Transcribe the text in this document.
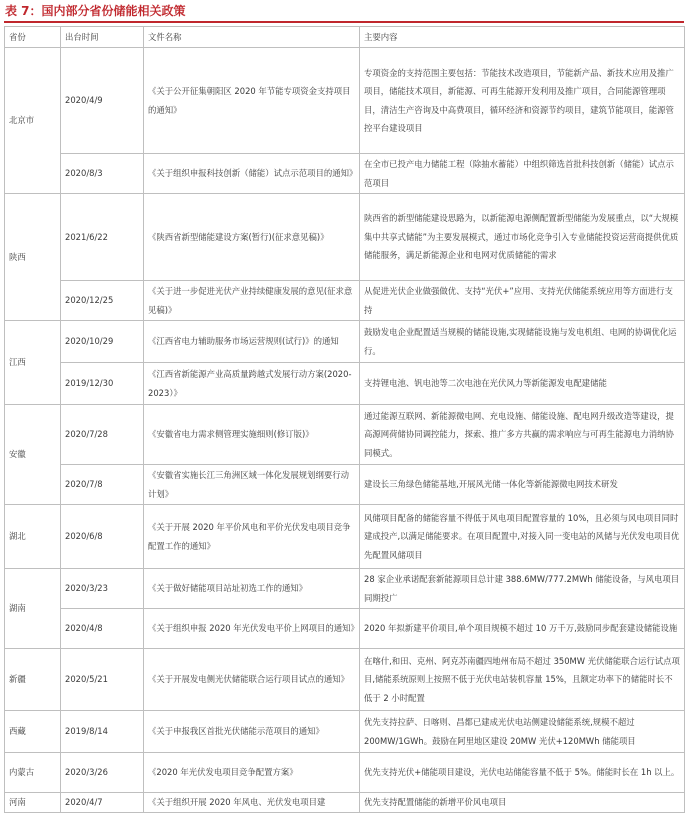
表 7：国内部分省份储能相关政策
省份	出台时间	文件名称	主要内容
北京市	2020/4/9	《关于公开征集朝阳区 2020 年节能专项资金支持项目的通知》	专项资金的支持范围主要包括：节能技术改造项目，节能新产品、新技术应用及推广项目，储能技术项目，新能源、可再生能源开发利用及推广项目，合同能源管理项目，清洁生产咨询及中高费项目，循环经济和资源节约项目，建筑节能项目，能源管控平台建设项目
	2020/8/3	《关于组织申报科技创新（储能）试点示范项目的通知》	在全市已投产电力储能工程（除抽水蓄能）中组织筛选首批科技创新（储能）试点示范项目
陕西	2021/6/22	《陕西省新型储能建设方案(暂行)(征求意见稿)》	陕西省的新型储能建设思路为，以新能源电源侧配置新型储能为发展重点，以“大规模集中共享式储能”为主要发展模式，通过市场化竞争引入专业储能投资运营商提供优质储能服务，满足新能源企业和电网对优质储能的需求
	2020/12/25	《关于进一步促进光伏产业持续健康发展的意见(征求意见稿)》	从促进光伏企业做强做优、支持“光伏+”应用、支持光伏储能系统应用等方面进行支持
江西	2020/10/29	《江西省电力辅助服务市场运营规则(试行)》的通知	鼓励发电企业配置适当规模的储能设施,实现储能设施与发电机组、电网的协调优化运行。
	2019/12/30	《江西省新能源产业高质量跨越式发展行动方案(2020-2023）》	支持锂电池、钒电池等二次电池在光伏风力等新能源发电配建储能
安徽	2020/7/28	《安徽省电力需求侧管理实施细则(修订版)》	通过能源互联网、新能源微电网、充电设施、储能设施、配电网升级改造等建设，提高源网荷储协同调控能力，探索、推广多方共赢的需求响应与可再生能源电力消纳协同模式。
	2020/7/8	《安徽省实施长江三角洲区域一体化发展规划纲要行动计划》	建设长三角绿色储能基地,开展风光储一体化等新能源微电网技术研发
湖北	2020/6/8	《关于开展 2020 年平价风电和平价光伏发电项目竞争配置工作的通知》	风储项目配备的储能容量不得低于风电项目配置容量的 10%，且必须与风电项目同时建成投产,以满足储能要求。在项目配置中,对接入同一变电站的风储与光伏发电项目优先配置风储项目
湖南	2020/3/23	《关于做好储能项目站址初选工作的通知》	28 家企业承诺配套新能源项目总计建 388.6MW/777.2MWh 储能设备，与风电项目同期投广
	2020/4/8	《关于组织申报 2020 年光伏发电平价上网项目的通知》	2020 年拟新建平价项目,单个项目规模不超过 10 万千万,鼓励同步配套建设储能设施
新疆	2020/5/21	《关于开展发电侧光伏储能联合运行项目试点的通知》	在喀什,和田、克州、阿克苏南疆四地州布局不超过 350MW 光伏储能联合运行试点项目,储能系统原则上按照不低于光伏电站装机容量 15%，且额定功率下的储能时长不低于 2 小时配置
西藏	2019/8/14	《关于申报我区首批光伏储能示范项目的通知》	优先支持拉萨、日喀则、昌都已建成光伏电站侧建设储能系统,规模不超过 200MW/1GWh。鼓励在阿里地区建设 20MW 光伏+120MWh 储能项目
内蒙古	2020/3/26	《2020 年光伏发电项目竞争配置方案》	优先支持光伏+储能项目建设，光伏电站储能容量不低于 5%。储能时长在 1h 以上。
河南	2020/4/7	《关于组织开展 2020 年风电、光伏发电项目建	优先支持配置储能的新增平价风电项目
